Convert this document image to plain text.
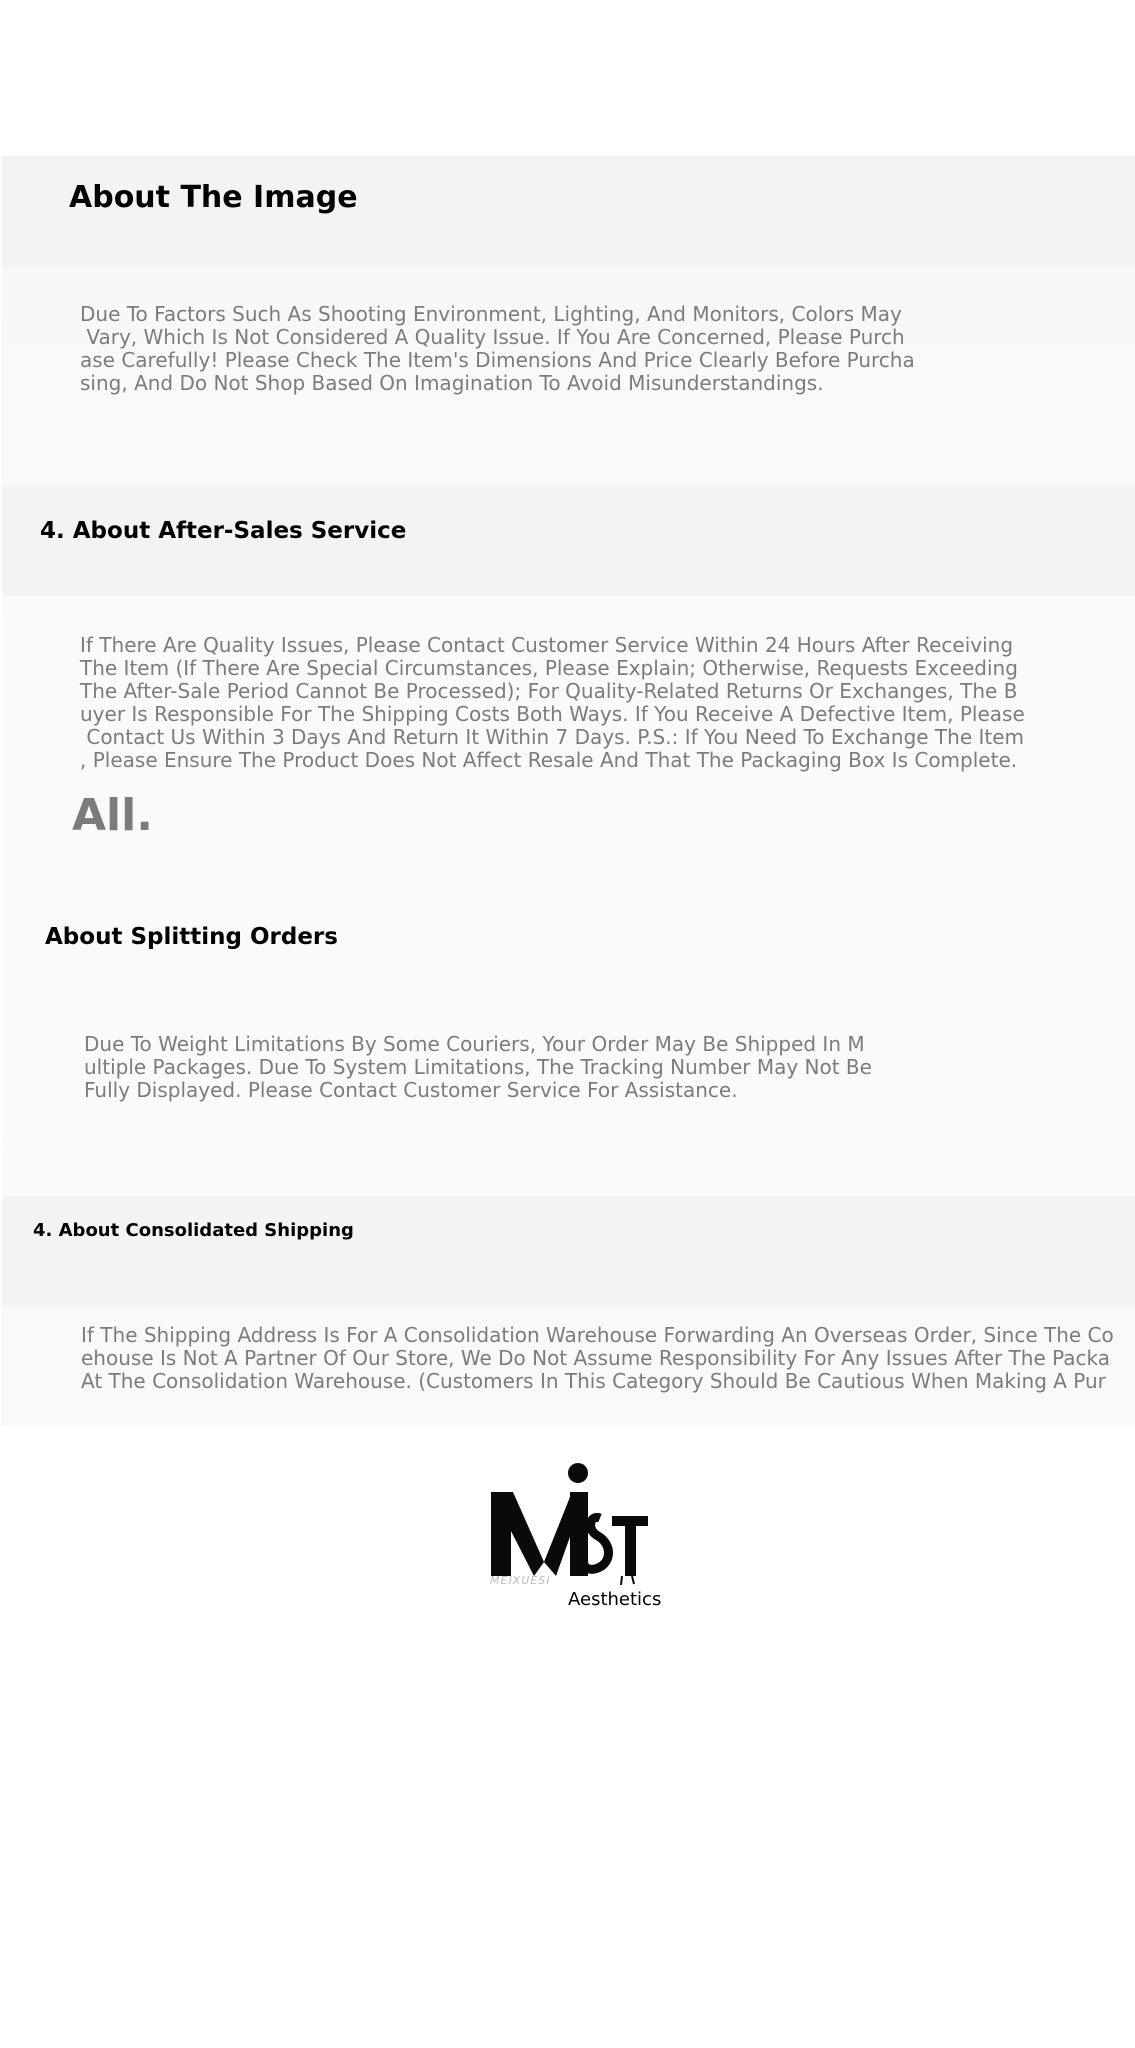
About The Image
Due To Factors Such As Shooting Environment, Lighting, And Monitors, Colors May
Vary, Which Is Not Considered A Quality Issue. If You Are Concerned, Please Purch
ase Carefully! Please Check The Item's Dimensions And Price Clearly Before Purcha
sing, And Do Not Shop Based On Imagination To Avoid Misunderstandings.
4. About After-Sales Service
If There Are Quality Issues, Please Contact Customer Service Within 24 Hours After Receiving
The Item (If There Are Special Circumstances, Please Explain; Otherwise, Requests Exceeding
The After-Sale Period Cannot Be Processed); For Quality-Related Returns Or Exchanges, The B
uyer Is Responsible For The Shipping Costs Both Ways. If You Receive A Defective Item, Please
Contact Us Within 3 Days And Return It Within 7 Days. P.S.: If You Need To Exchange The Item
, Please Ensure The Product Does Not Affect Resale And That The Packaging Box Is Complete.
All.
About Splitting Orders
Due To Weight Limitations By Some Couriers, Your Order May Be Shipped In M
ultiple Packages. Due To System Limitations, The Tracking Number May Not Be
Fully Displayed. Please Contact Customer Service For Assistance.
4. About Consolidated Shipping
If The Shipping Address Is For A Consolidation Warehouse Forwarding An Overseas Order, Since The Co
ehouse Is Not A Partner Of Our Store, We Do Not Assume Responsibility For Any Issues After The Packa
At The Consolidation Warehouse. (Customers In This Category Should Be Cautious When Making A Pur
MEIXUESI
Aesthetics
